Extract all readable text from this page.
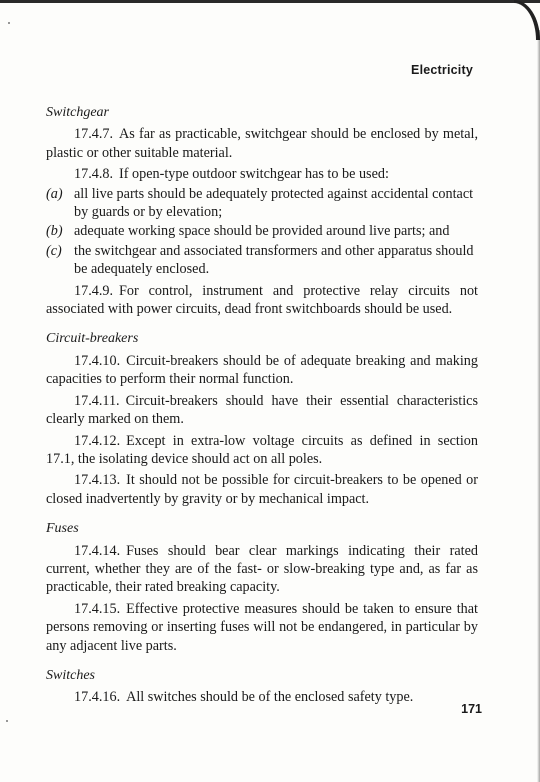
Electricity

Switchgear

17.4.7. As far as practicable, switchgear should be enclosed by metal, plastic or other suitable material.

17.4.8. If open-type outdoor switchgear has to be used:

(a) all live parts should be adequately protected against accidental contact by guards or by elevation;
(b) adequate working space should be provided around live parts; and
(c) the switchgear and associated transformers and other apparatus should be adequately enclosed.

17.4.9. For control, instrument and protective relay circuits not associated with power circuits, dead front switchboards should be used.

Circuit-breakers

17.4.10. Circuit-breakers should be of adequate breaking and making capacities to perform their normal function.

17.4.11. Circuit-breakers should have their essential characteristics clearly marked on them.

17.4.12. Except in extra-low voltage circuits as defined in section 17.1, the isolating device should act on all poles.

17.4.13. It should not be possible for circuit-breakers to be opened or closed inadvertently by gravity or by mechanical impact.

Fuses

17.4.14. Fuses should bear clear markings indicating their rated current, whether they are of the fast- or slow-breaking type and, as far as practicable, their rated breaking capacity.

17.4.15. Effective protective measures should be taken to ensure that persons removing or inserting fuses will not be endangered, in particular by any adjacent live parts.

Switches

17.4.16. All switches should be of the enclosed safety type.

171
